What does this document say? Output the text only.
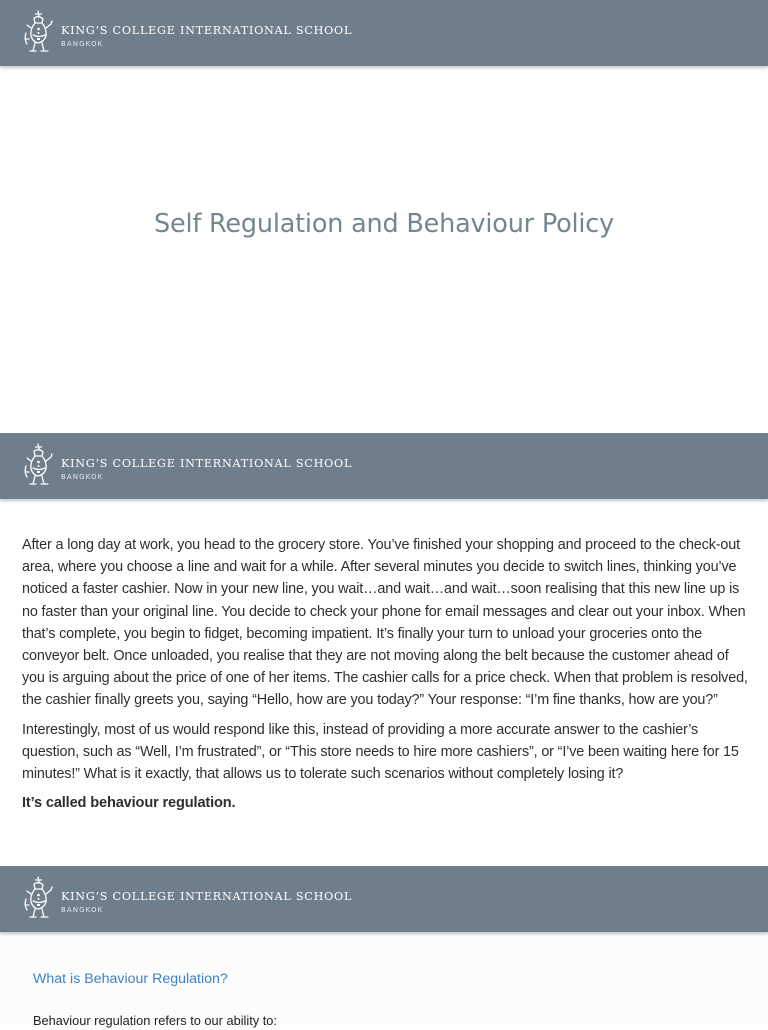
KING’S COLLEGE INTERNATIONAL SCHOOL
BANGKOK
Self Regulation and Behaviour Policy
KING’S COLLEGE INTERNATIONAL SCHOOL
BANGKOK

After a long day at work, you head to the grocery store. You’ve finished your shopping and proceed to the check-out area, where you choose a line and wait for a while. After several minutes you decide to switch lines, thinking you’ve noticed a faster cashier. Now in your new line, you wait…and wait…and wait…soon realising that this new line up is no faster than your original line. You decide to check your phone for email messages and clear out your inbox. When that’s complete, you begin to fidget, becoming impatient. It’s finally your turn to unload your groceries onto the conveyor belt. Once unloaded, you realise that they are not moving along the belt because the customer ahead of you is arguing about the price of one of her items. The cashier calls for a price check. When that problem is resolved, the cashier finally greets you, saying “Hello, how are you today?” Your response: “I’m fine thanks, how are you?”

Interestingly, most of us would respond like this, instead of providing a more accurate answer to the cashier’s question, such as “Well, I’m frustrated”, or “This store needs to hire more cashiers”, or “I’ve been waiting here for 15 minutes!” What is it exactly, that allows us to tolerate such scenarios without completely losing it?

It’s called behaviour regulation.

KING’S COLLEGE INTERNATIONAL SCHOOL
BANGKOK
What is Behaviour Regulation?
Behaviour regulation refers to our ability to:
